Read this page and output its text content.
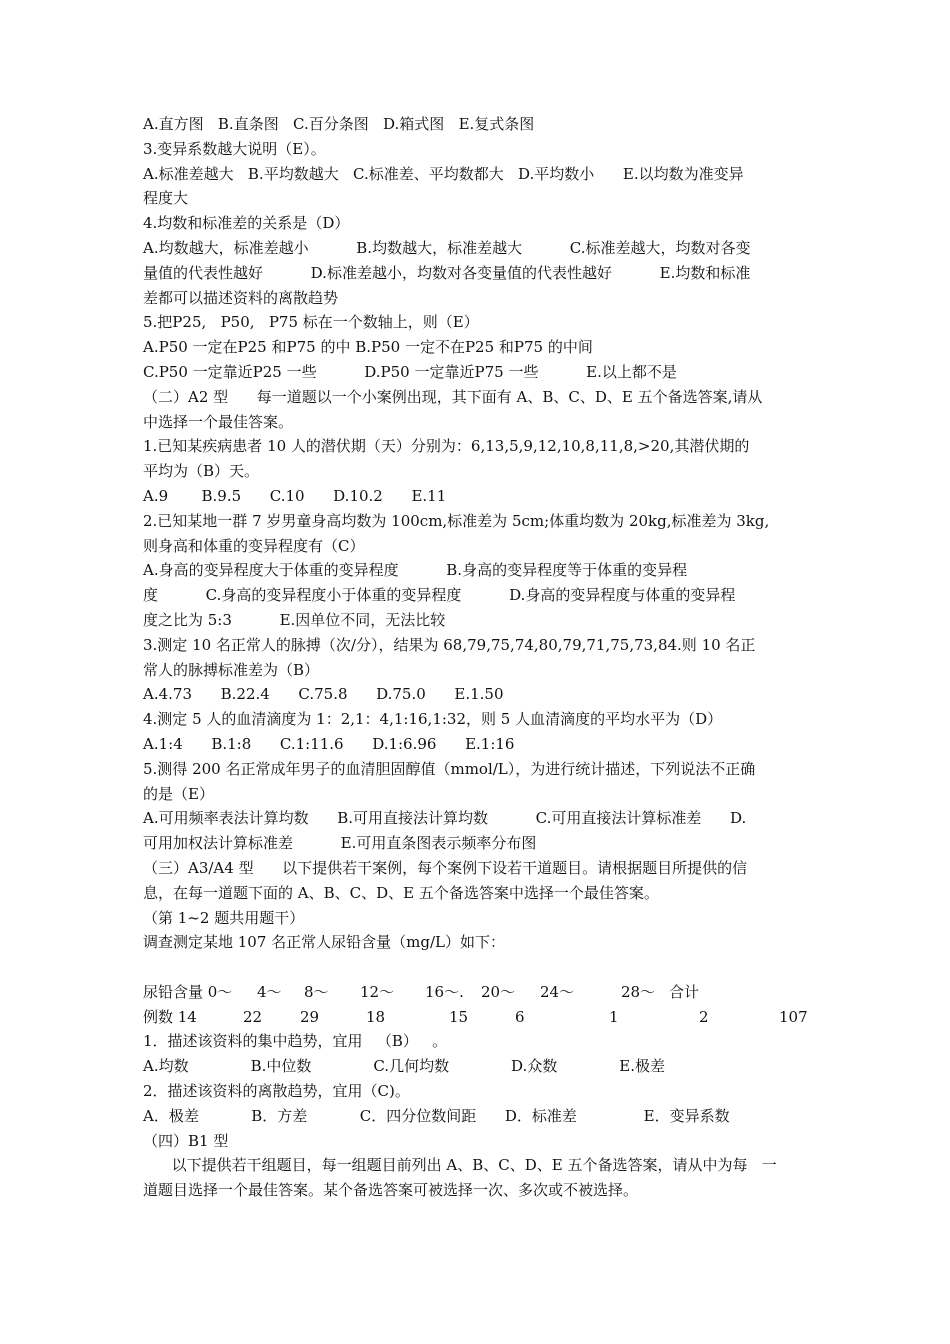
A.直方图   B.直条图   C.百分条图   D.箱式图   E.复式条图
3.变异系数越大说明（E）。
A.标准差越大   B.平均数越大   C.标准差、平均数都大   D.平均数小      E.以均数为准变异
程度大
4.均数和标准差的关系是（D）
A.均数越大，标准差越小          B.均数越大，标准差越大          C.标准差越大，均数对各变
量值的代表性越好          D.标准差越小，均数对各变量值的代表性越好          E.均数和标准
差都可以描述资料的离散趋势
5.把P25,   P50,   P75 标在一个数轴上，则（E）
A.P50 一定在P25 和P75 的中 B.P50 一定不在P25 和P75 的中间
C.P50 一定靠近P25 一些          D.P50 一定靠近P75 一些          E.以上都不是
（二）A2 型      每一道题以一个小案例出现，其下面有 A、B、C、D、E 五个备选答案,请从
中选择一个最佳答案。
1.已知某疾病患者 10 人的潜伏期（天）分别为：6,13,5,9,12,10,8,11,8,>20,其潜伏期的
平均为（B）天。
A.9       B.9.5      C.10      D.10.2      E.11
2.已知某地一群 7 岁男童身高均数为 100cm,标准差为 5cm;体重均数为 20kg,标准差为 3kg,
则身高和体重的变异程度有（C）
A.身高的变异程度大于体重的变异程度          B.身高的变异程度等于体重的变异程
度          C.身高的变异程度小于体重的变异程度          D.身高的变异程度与体重的变异程
度之比为 5:3          E.因单位不同，无法比较
3.测定 10 名正常人的脉搏（次/分），结果为 68,79,75,74,80,79,71,75,73,84.则 10 名正
常人的脉搏标准差为（B）
A.4.73      B.22.4      C.75.8      D.75.0      E.1.50
4.测定 5 人的血清滴度为 1：2,1：4,1:16,1:32，则 5 人血清滴度的平均水平为（D）
A.1:4      B.1:8      C.1:11.6      D.1:6.96      E.1:16
5.测得 200 名正常成年男子的血清胆固醇值（mmol/L），为进行统计描述，下列说法不正确
的是（E）
A.可用频率表法计算均数      B.可用直接法计算均数          C.可用直接法计算标准差      D.
可用加权法计算标准差          E.可用直条图表示频率分布图
（三）A3/A4 型      以下提供若干案例，每个案例下设若干道题目。请根据题目所提供的信
息，在每一道题下面的 A、B、C、D、E 五个备选答案中选择一个最佳答案。
（第 1~2 题共用题干）
调查测定某地 107 名正常人尿铅含量（mg/L）如下：
尿铅含量 0～ 4～ 8～ 12～ 16～. 20～ 24～	28～ 合计
例数 14	22	29	18	15	6	1	2	107
1．描述该资料的集中趋势，宜用   （B）   。
A.均数             B.中位数             C.几何均数             D.众数             E.极差
2．描述该资料的离散趋势，宜用（C)。
A．极差           B．方差           C．四分位数间距      D．标准差              E．变异系数
（四）B1 型
以下提供若干组题目，每一组题目前列出 A、B、C、D、E 五个备选答案，请从中为每   一
道题目选择一个最佳答案。某个备选答案可被选择一次、多次或不被选择。
